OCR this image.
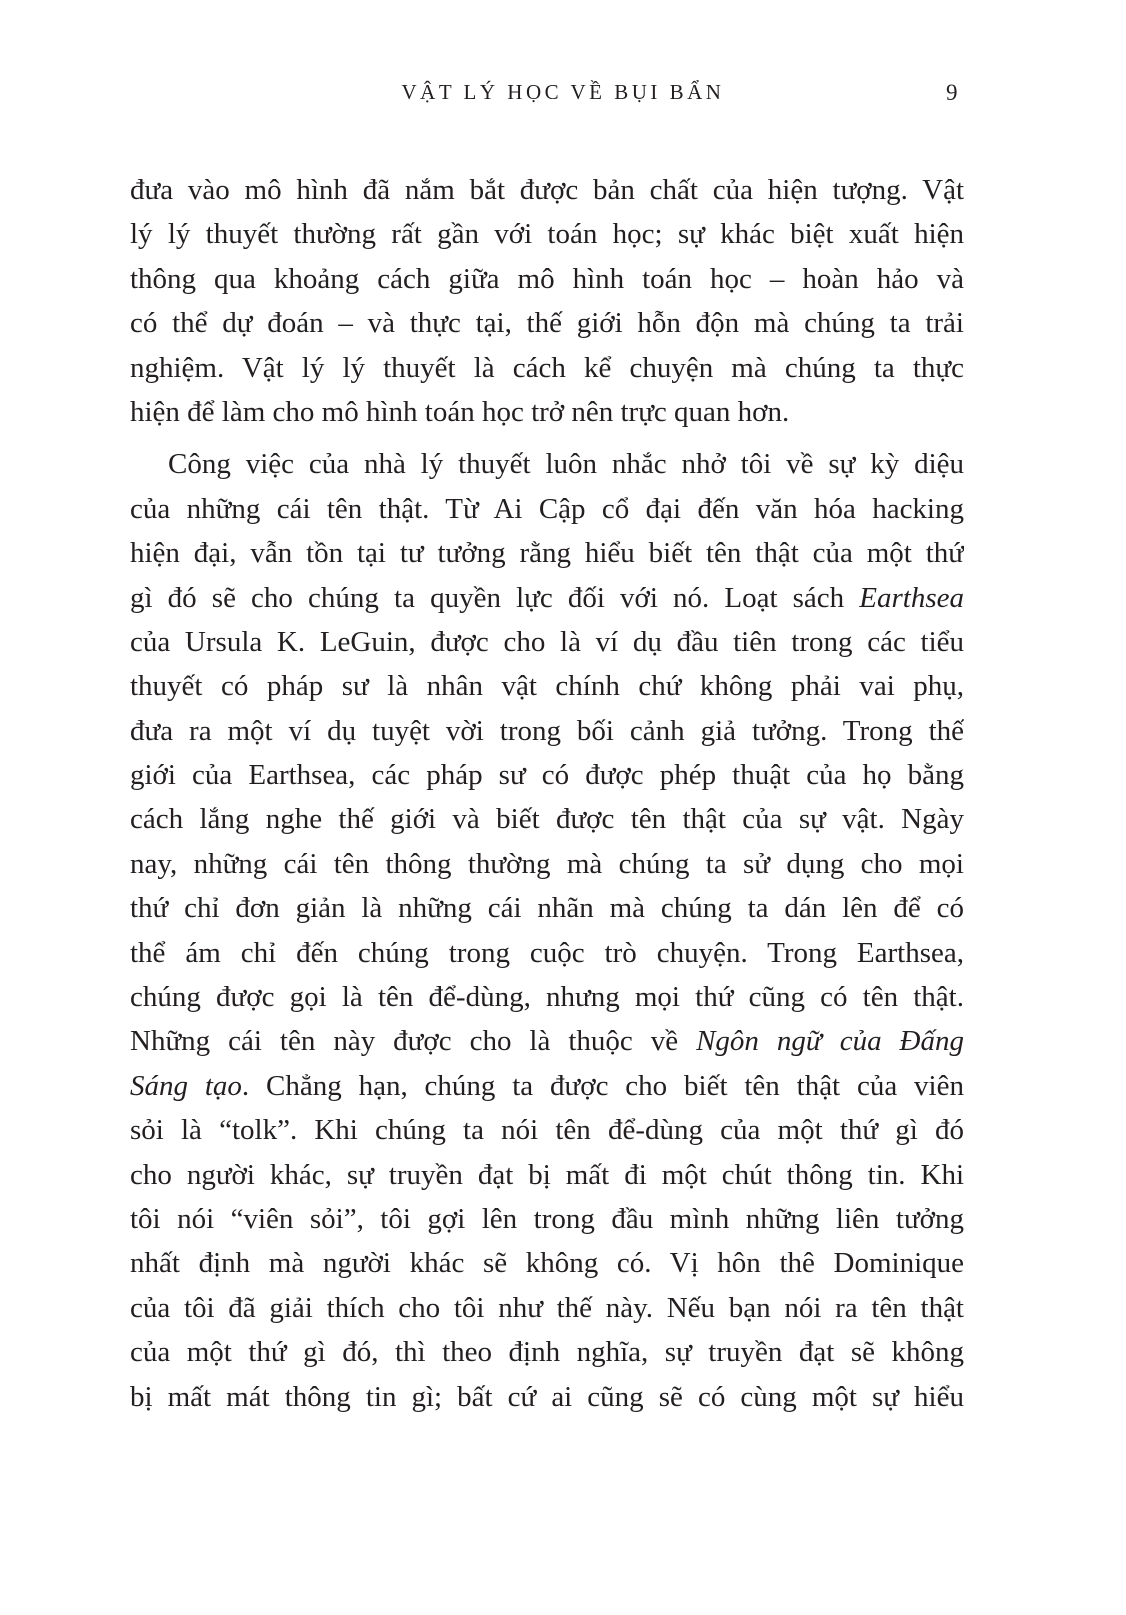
VẬT LÝ HỌC VỀ BỤI BẨN	9
đưa vào mô hình đã nắm bắt được bản chất của hiện tượng. Vật
lý lý thuyết thường rất gần với toán học; sự khác biệt xuất hiện
thông qua khoảng cách giữa mô hình toán học – hoàn hảo và
có thể dự đoán – và thực tại, thế giới hỗn độn mà chúng ta trải
nghiệm. Vật lý lý thuyết là cách kể chuyện mà chúng ta thực
hiện để làm cho mô hình toán học trở nên trực quan hơn.
Công việc của nhà lý thuyết luôn nhắc nhở tôi về sự kỳ diệu
của những cái tên thật. Từ Ai Cập cổ đại đến văn hóa hacking
hiện đại, vẫn tồn tại tư tưởng rằng hiểu biết tên thật của một thứ
gì đó sẽ cho chúng ta quyền lực đối với nó. Loạt sách Earthsea
của Ursula K. LeGuin, được cho là ví dụ đầu tiên trong các tiểu
thuyết có pháp sư là nhân vật chính chứ không phải vai phụ,
đưa ra một ví dụ tuyệt vời trong bối cảnh giả tưởng. Trong thế
giới của Earthsea, các pháp sư có được phép thuật của họ bằng
cách lắng nghe thế giới và biết được tên thật của sự vật. Ngày
nay, những cái tên thông thường mà chúng ta sử dụng cho mọi
thứ chỉ đơn giản là những cái nhãn mà chúng ta dán lên để có
thể ám chỉ đến chúng trong cuộc trò chuyện. Trong Earthsea,
chúng được gọi là tên để-dùng, nhưng mọi thứ cũng có tên thật.
Những cái tên này được cho là thuộc về Ngôn ngữ của Đấng
Sáng tạo. Chẳng hạn, chúng ta được cho biết tên thật của viên
sỏi là “tolk”. Khi chúng ta nói tên để-dùng của một thứ gì đó
cho người khác, sự truyền đạt bị mất đi một chút thông tin. Khi
tôi nói “viên sỏi”, tôi gợi lên trong đầu mình những liên tưởng
nhất định mà người khác sẽ không có. Vị hôn thê Dominique
của tôi đã giải thích cho tôi như thế này. Nếu bạn nói ra tên thật
của một thứ gì đó, thì theo định nghĩa, sự truyền đạt sẽ không
bị mất mát thông tin gì; bất cứ ai cũng sẽ có cùng một sự hiểu
